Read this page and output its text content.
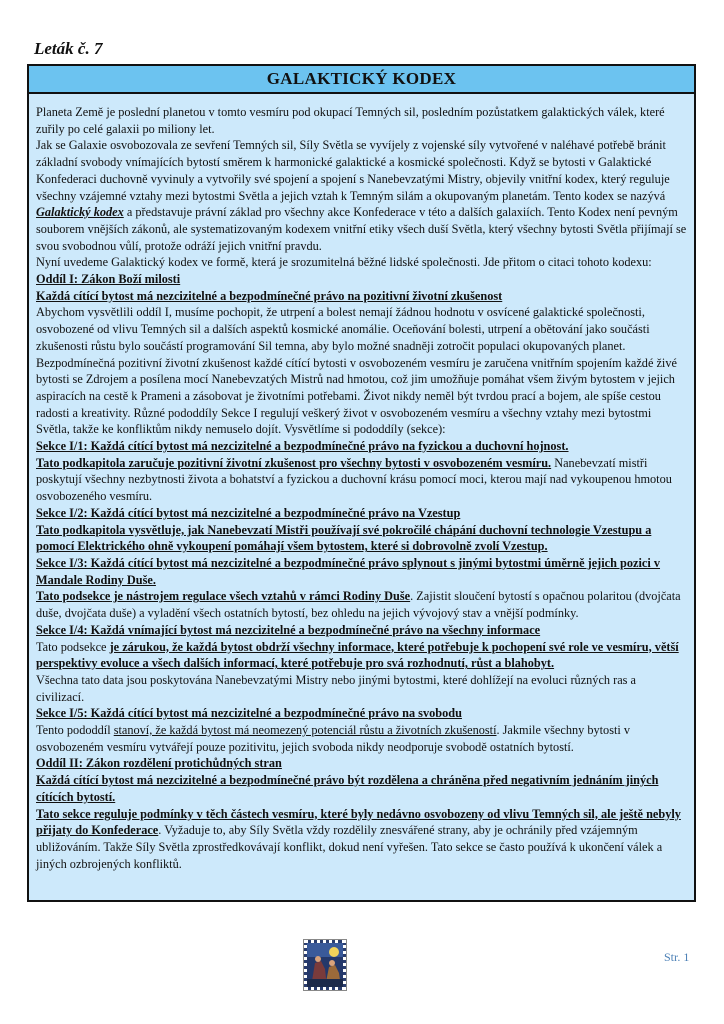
Leták č. 7
GALAKTICKÝ KODEX

Planeta Země je poslední planetou v tomto vesmíru pod okupací Temných sil, posledním pozůstatkem galaktických válek, které zuřily po celé galaxii po miliony let.

Jak se Galaxie osvobozovala ze sevření Temných sil, Síly Světla se vyvíjely z vojenské síly vytvořené v naléhavé potřebě bránit základní svobody vnímajících bytostí směrem k harmonické galaktické a kosmické společnosti. Když se bytosti v Galaktické Konfederaci duchovně vyvinuly a vytvořily své spojení a spojení s Nanebevzatými Mistry, objevily vnitřní kodex, který reguluje všechny vzájemné vztahy mezi bytostmi Světla a jejich vztah k Temným silám a okupovaným planetám. Tento kodex se nazývá Galaktický kodex a představuje právní základ pro všechny akce Konfederace v této a dalších galaxiích. Tento Kodex není pevným souborem vnějších zákonů, ale systematizovaným kodexem vnitřní etiky všech duší Světla, který všechny bytosti Světla přijímají se svou svobodnou vůlí, protože odráží jejich vnitřní pravdu.

Nyní uvedeme Galaktický kodex ve formě, která je srozumitelná běžné lidské společnosti. Jde přitom o citaci tohoto kodexu:

Oddíl I: Zákon Boží milosti

Každá cítící bytost má nezcizitelné a bezpodmínečné právo na pozitivní životní zkušenost

Abychom vysvětlili oddíl I, musíme pochopit, že utrpení a bolest nemají žádnou hodnotu v osvícené galaktické společnosti, osvobozené od vlivu Temných sil a dalších aspektů kosmické anomálie. Oceňování bolesti, utrpení a obětování jako součásti zkušenosti růstu bylo součástí programování Sil temna, aby bylo možné snadněji zotročit populaci okupovaných planet.

Bezpodmínečná pozitivní životní zkušenost každé cítící bytosti v osvobozeném vesmíru je zaručena vnitřním spojením každé živé bytosti se Zdrojem a posílena mocí Nanebevzatých Mistrů nad hmotou, což jim umožňuje pomáhat všem živým bytostem v jejich aspiracích na cestě k Prameni a zásobovat je životními potřebami. Život nikdy neměl být tvrdou prací a bojem, ale spíše cestou radosti a kreativity. Různé pododdíly Sekce I regulují veškerý život v osvobozeném vesmíru a všechny vztahy mezi bytostmi Světla, takže ke konfliktům nikdy nemuselo dojít. Vysvětlíme si pododdíly (sekce):

Sekce I/1: Každá cítící bytost má nezcizitelné a bezpodmínečné právo na fyzickou a duchovní hojnost.

Tato podkapitola zaručuje pozitivní životní zkušenost pro všechny bytosti v osvobozeném vesmíru. Nanebevzatí mistři poskytují všechny nezbytnosti života a bohatství a fyzickou a duchovní krásu pomocí moci, kterou mají nad vykoupenou hmotou osvobozeného vesmíru.

Sekce I/2: Každá cítící bytost má nezcizitelné a bezpodmínečné právo na Vzestup

Tato podkapitola vysvětluje, jak Nanebevzatí Mistři používají své pokročilé chápání duchovní technologie Vzestupu a pomocí Elektrického ohně vykoupení pomáhají všem bytostem, které si dobrovolně zvolí Vzestup.

Sekce I/3: Každá cítící bytost má nezcizitelné a bezpodmínečné právo splynout s jinými bytostmi úměrně jejich pozici v Mandale Rodiny Duše.

Tato podsekce je nástrojem regulace všech vztahů v rámci Rodiny Duše. Zajistit sloučení bytostí s opačnou polaritou (dvojčata duše, dvojčata duše) a vyladění všech ostatních bytostí, bez ohledu na jejich vývojový stav a vnější podmínky.

Sekce I/4: Každá vnímající bytost má nezcizitelné a bezpodmínečné právo na všechny informace

Tato podsekce je zárukou, že každá bytost obdrží všechny informace, které potřebuje k pochopení své role ve vesmíru, větší perspektivy evoluce a všech dalších informací, které potřebuje pro svá rozhodnutí, růst a blahobyt.

Všechna tato data jsou poskytována Nanebevzatými Mistry nebo jinými bytostmi, které dohlížejí na evoluci různých ras a civilizací.

Sekce I/5: Každá cítící bytost má nezcizitelné a bezpodmínečné právo na svobodu

Tento pododdíl stanoví, že každá bytost má neomezený potenciál růstu a životních zkušeností. Jakmile všechny bytosti v osvobozeném vesmíru vytvářejí pouze pozitivitu, jejich svoboda nikdy neodporuje svobodě ostatních bytostí.

Oddíl II: Zákon rozdělení protichůdných stran

Každá cítící bytost má nezcizitelné a bezpodmínečné právo být rozdělena a chráněna před negativním jednáním jiných cítících bytostí.

Tato sekce reguluje podmínky v těch částech vesmíru, které byly nedávno osvobozeny od vlivu Temných sil, ale ještě nebyly přijaty do Konfederace. Vyžaduje to, aby Síly Světla vždy rozdělily znesvářené strany, aby je ochránily před vzájemným ubližováním. Takže Síly Světla zprostředkovávají konflikt, dokud není vyřešen. Tato sekce se často používá k ukončení válek a jiných ozbrojených konfliktů.

Str. 1
